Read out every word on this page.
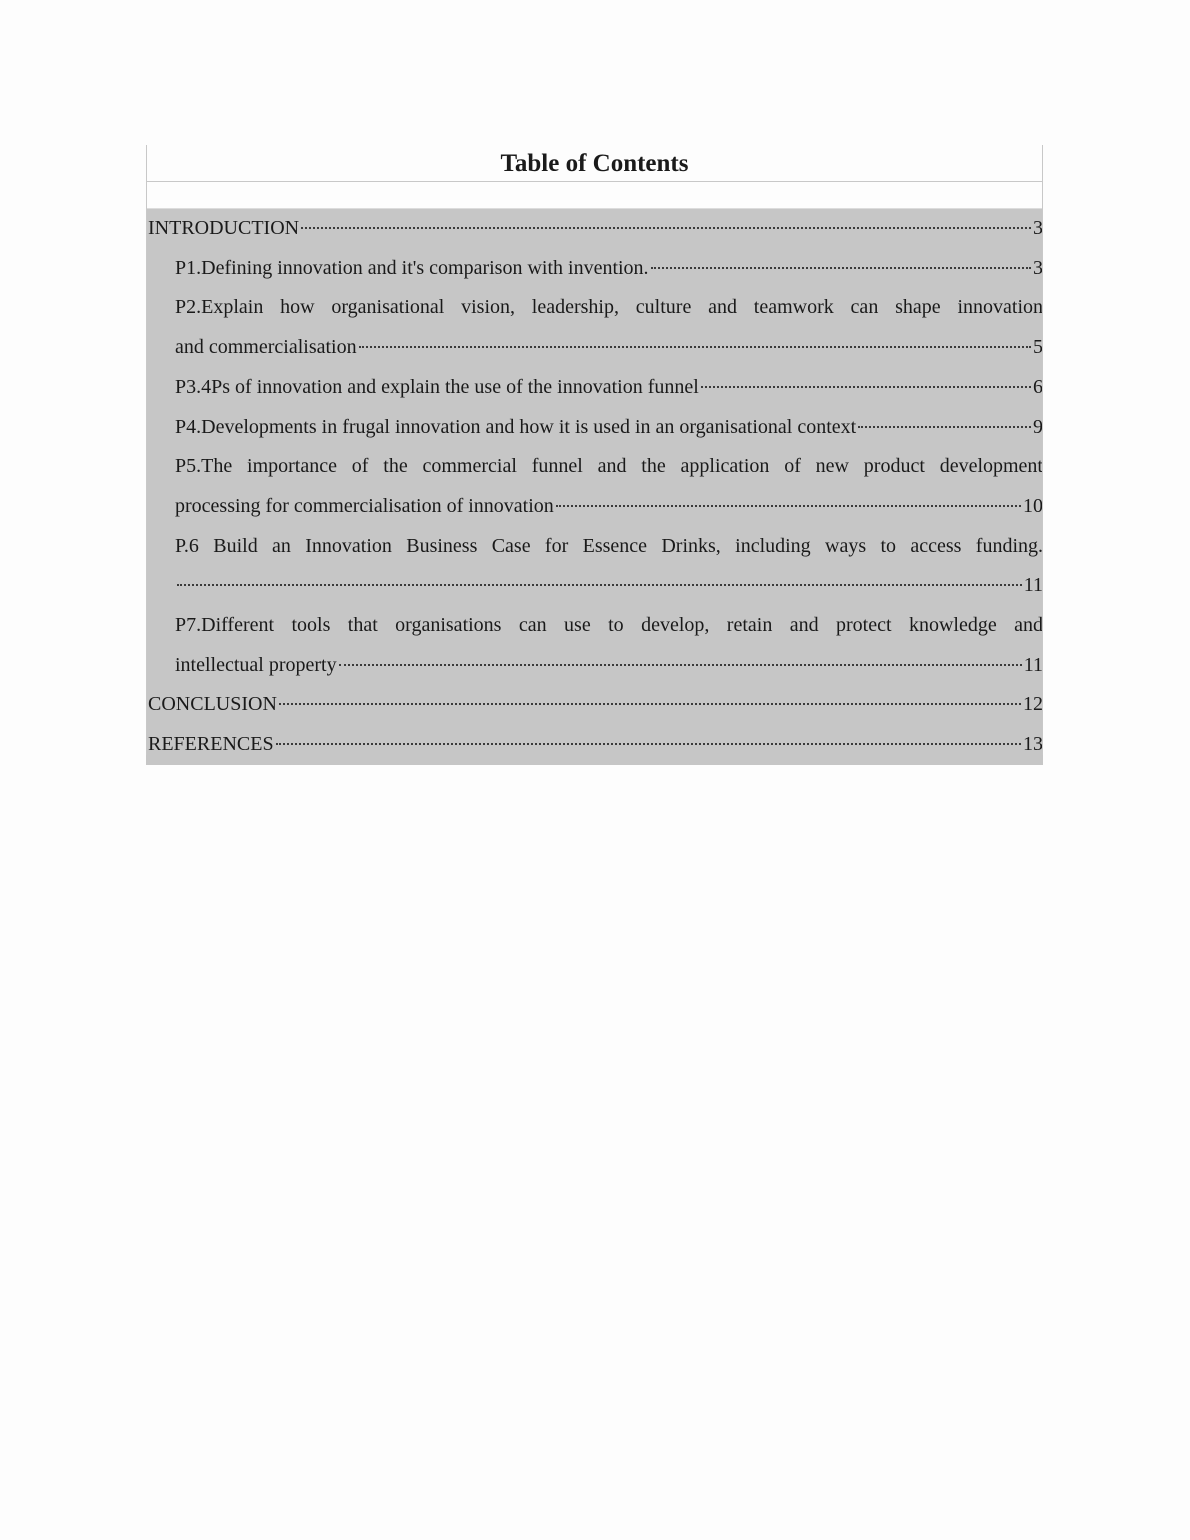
Table of Contents
INTRODUCTION	3
P1.Defining innovation and it's comparison with invention.	3
P2.Explain how organisational vision, leadership, culture and teamwork can shape innovation
and commercialisation	5
P3.4Ps of innovation and explain the use of the innovation funnel	6
P4.Developments in frugal innovation and how it is used in an organisational context	9
P5.The importance of the commercial funnel and the application of new product development
processing for commercialisation of innovation	10
P.6 Build an Innovation Business Case for Essence Drinks, including ways to access funding.
11
P7.Different tools that organisations can use to develop, retain and protect knowledge and
intellectual property	11
CONCLUSION	12
REFERENCES	13
